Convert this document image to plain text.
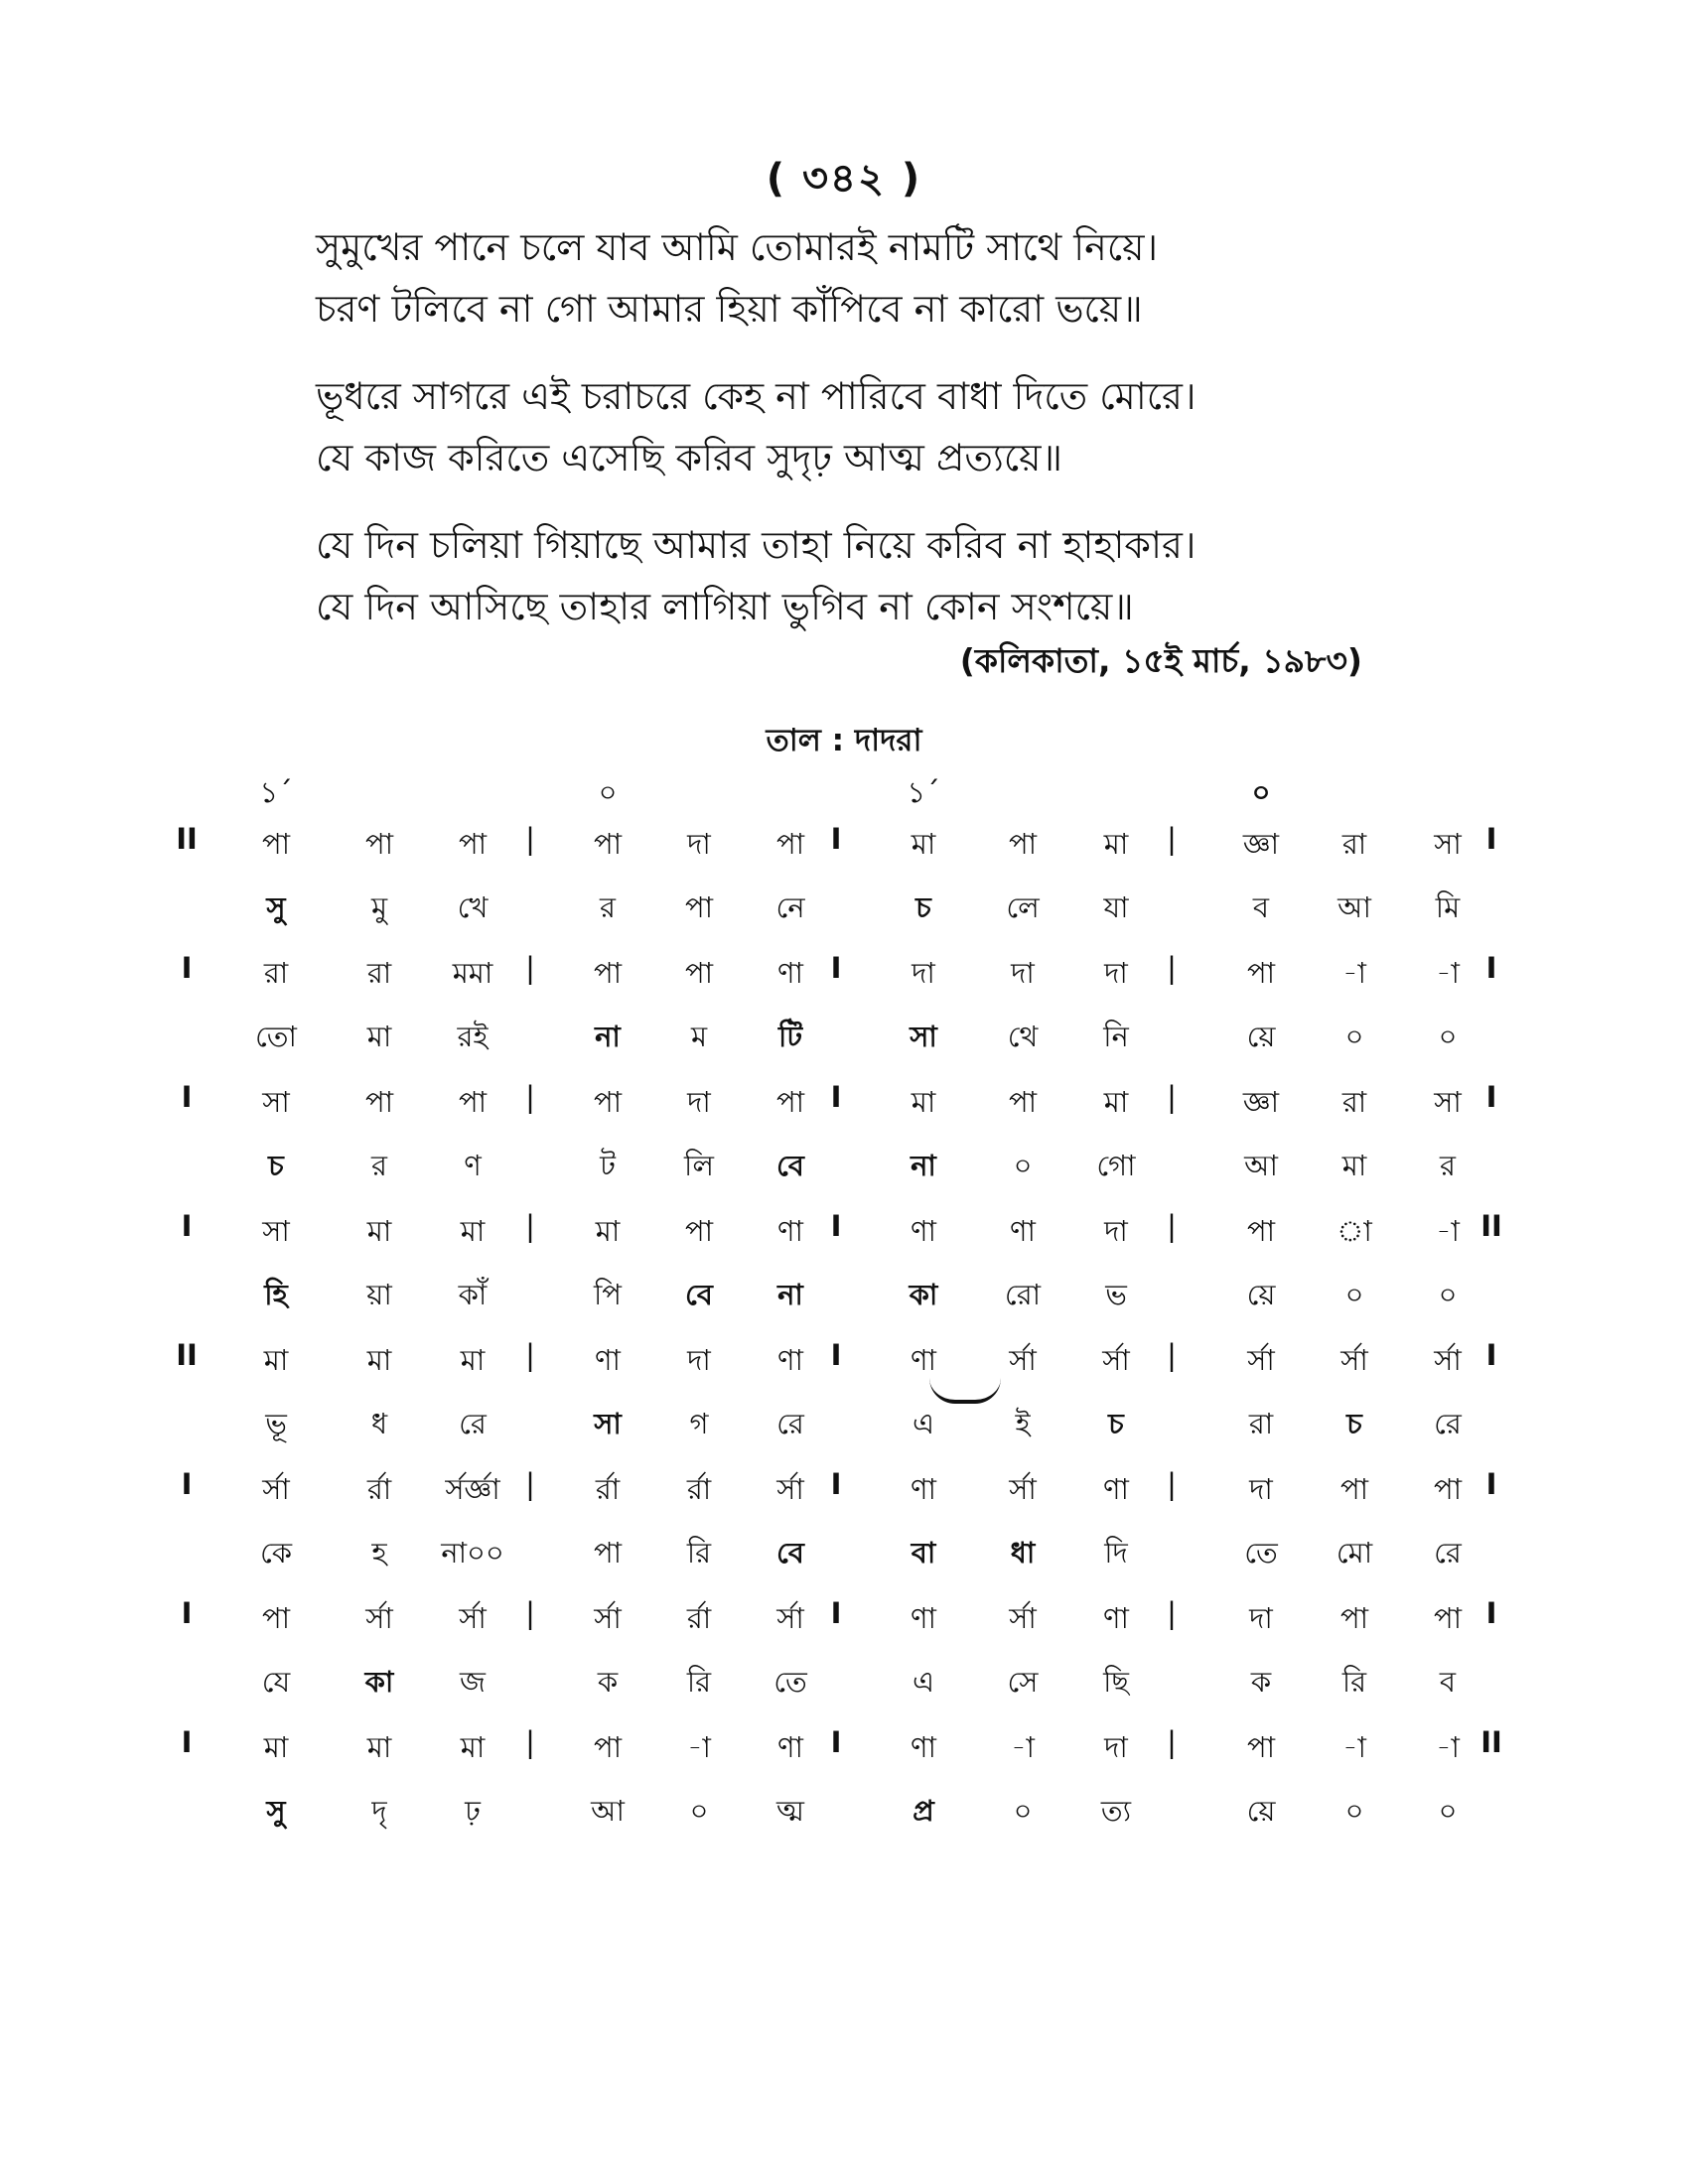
( ৩৪২ )
সুমুখের পানে চলে যাব আমি তোমারই নামটি সাথে নিয়ে।
চরণ টলিবে না গো আমার হিয়া কাঁপিবে না কারো ভয়ে॥
ভূধরে সাগরে এই চরাচরে কেহ না পারিবে বাধা দিতে মোরে।
যে কাজ করিতে এসেছি করিব সুদৃঢ় আত্ম প্রত্যয়ে॥
যে দিন চলিয়া গিয়াছে আমার তাহা নিয়ে করিব না হাহাকার।
যে দিন আসিছে তাহার লাগিয়া ভুগিব না কোন সংশয়ে॥
(কলিকাতা, ১৫ই মার্চ, ১৯৮৩)
তাল : দাদরা
১´	০	১´	০
II	|	I	|	I
পা	পা	পা	পা	দা	পা	মা	পা	মা	জ্ঞা	রা	সা
সু	মু	খে	র	পা	নে	চ	লে	যা	ব	আ	মি
I	|	I	|	I
রা	রা	মমা	পা	পা	ণা	দা	দা	দা	পা	-া	-া
তো	মা	রই	না	ম	টি	সা	থে	নি	য়ে	০	০
I	|	I	|	I
সা	পা	পা	পা	দা	পা	মা	পা	মা	জ্ঞা	রা	সা
চ	র	ণ	ট	লি	বে	না	০	গো	আ	মা	র
I	|	I	|	II
সা	মা	মা	মা	পা	ণা	ণা	ণা	দা	পা	া	-া
হি	য়া	কাঁ	পি	বে	না	কা	রো	ভ	য়ে	০	০
II	|	I	|	I
মা	মা	মা	ণা	দা	ণা	ণা	র্সা	র্সা	র্সা	র্সা	র্সা
ভূ	ধ	রে	সা	গ	রে	এ	ই	চ	রা	চ	রে
I	|	I	|	I
র্সা	র্রা	র্সর্জ্ঞা	র্রা	র্রা	র্সা	ণা	র্সা	ণা	দা	পা	পা
কে	হ	না০০	পা	রি	বে	বা	ধা	দি	তে	মো	রে
I	|	I	|	I
পা	র্সা	র্সা	র্সা	র্রা	র্সা	ণা	র্সা	ণা	দা	পা	পা
যে	কা	জ	ক	রি	তে	এ	সে	ছি	ক	রি	ব
I	|	I	|	II
মা	মা	মা	পা	-া	ণা	ণা	-া	দা	পা	-া	-া
সু	দৃ	ঢ়	আ	০	ত্ম	প্র	০	ত্য	য়ে	০	০
